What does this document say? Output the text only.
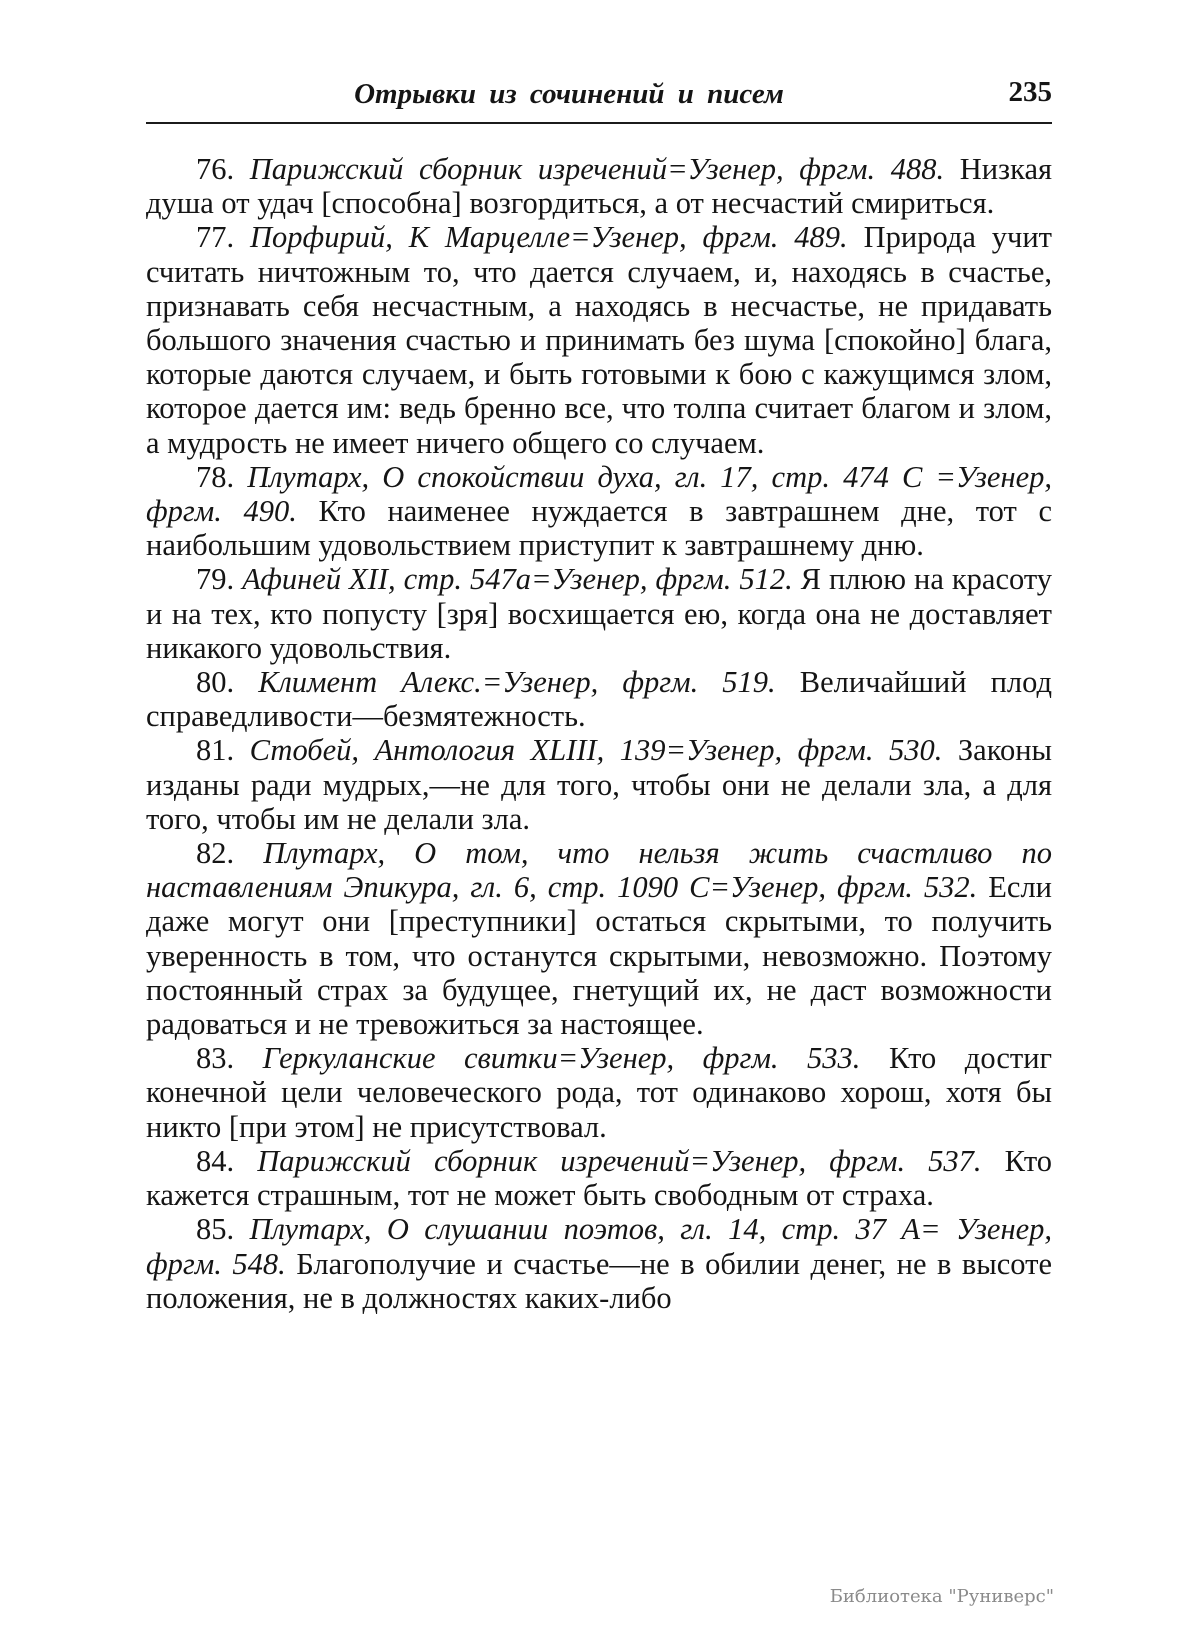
Отрывки из сочинений и писем	235

76. Парижский сборник изречений=Узенер, фргм. 488. Низкая душа от удач [способна] возгордиться, а от несчастий смириться.

77. Порфирий, К Марцелле=Узенер, фргм. 489. Природа учит считать ничтожным то, что дается случаем, и, находясь в счастье, признавать себя несчастным, а находясь в несчастье, не придавать большого значения счастью и принимать без шума [спокойно] блага, которые даются случаем, и быть готовыми к бою с кажущимся злом, которое дается им: ведь бренно все, что толпа считает благом и злом, а мудрость не имеет ничего общего со случаем.

78. Плутарх, О спокойствии духа, гл. 17, стр. 474 С =Узенер, фргм. 490. Кто наименее нуждается в завтрашнем дне, тот с наибольшим удовольствием приступит к завтрашнему дню.

79. Афиней XII, стр. 547а=Узенер, фргм. 512. Я плюю на красоту и на тех, кто попусту [зря] восхищается ею, когда она не доставляет никакого удовольствия.

80. Климент Алекс.=Узенер, фргм. 519. Величайший плод справедливости—безмятежность.

81. Стобей, Антология XLIII, 139=Узенер, фргм. 530. Законы изданы ради мудрых,—не для того, чтобы они не делали зла, а для того, чтобы им не делали зла.

82. Плутарх, О том, что нельзя жить счастливо по наставлениям Эпикура, гл. 6, стр. 1090 С=Узенер, фргм. 532. Если даже могут они [преступники] остаться скрытыми, то получить уверенность в том, что останутся скрытыми, невозможно. Поэтому постоянный страх за будущее, гнетущий их, не даст возможности радоваться и не тревожиться за настоящее.

83. Геркуланские свитки=Узенер, фргм. 533. Кто достиг конечной цели человеческого рода, тот одинаково хорош, хотя бы никто [при этом] не присутствовал.

84. Парижский сборник изречений=Узенер, фргм. 537. Кто кажется страшным, тот не может быть свободным от страха.

85. Плутарх, О слушании поэтов, гл. 14, стр. 37 А= Узенер, фргм. 548. Благополучие и счастье—не в обилии денег, не в высоте положения, не в должностях каких-либо

Библиотека "Руниверс"
